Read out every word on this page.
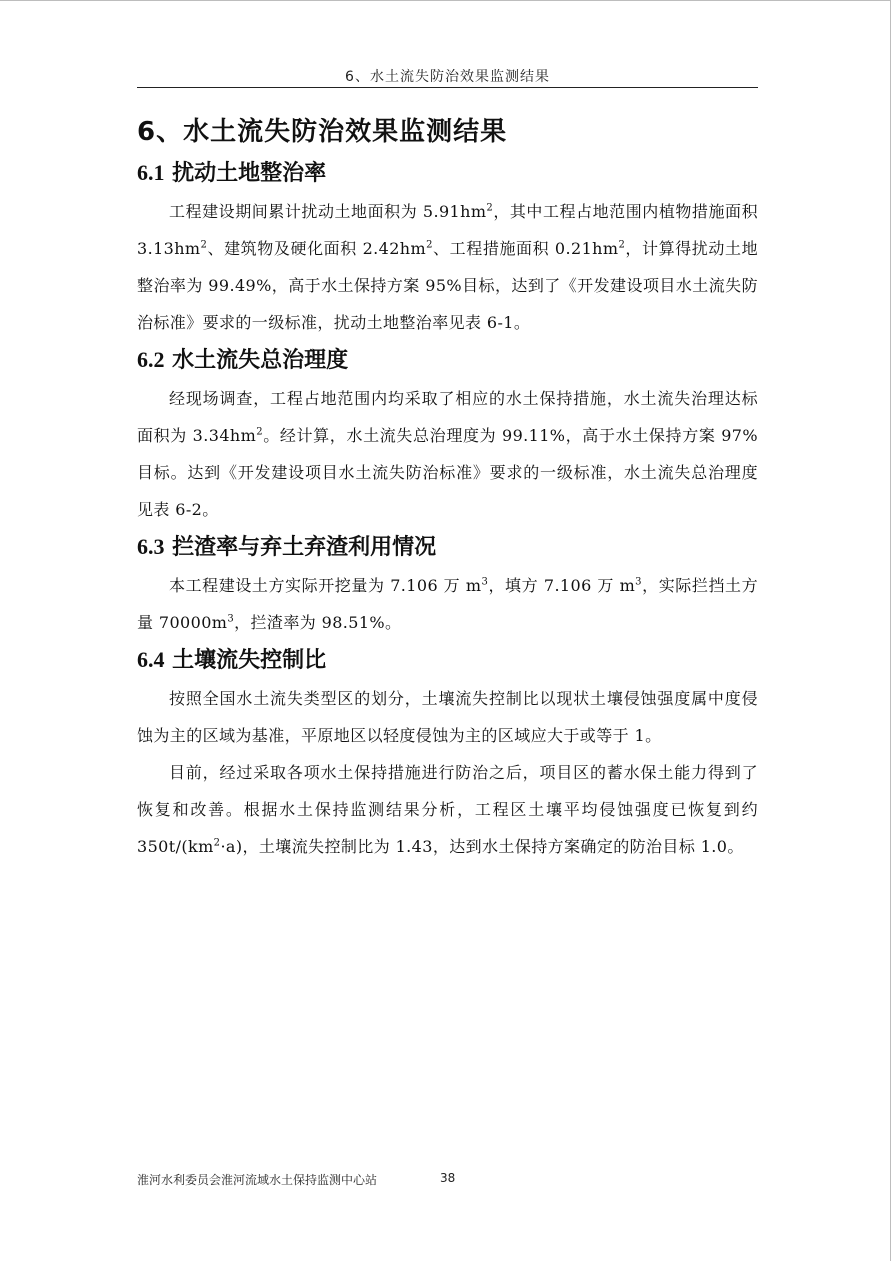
6、水土流失防治效果监测结果
6、水土流失防治效果监测结果
6.1 扰动土地整治率

工程建设期间累计扰动土地面积为 $5.91hm^2$，其中工程占地范围内植物措施面积 $3.13hm^2$、建筑物及硬化面积 $2.42hm^2$、工程措施面积 $0.21hm^2$，计算得扰动土地整治率为 99.49%，高于水土保持方案 95%目标，达到了《开发建设项目水土流失防治标准》要求的一级标准，扰动土地整治率见表 6-1。

6.2 水土流失总治理度

经现场调查，工程占地范围内均采取了相应的水土保持措施，水土流失治理达标面积为 $3.34hm^2$。经计算，水土流失总治理度为 99.11%，高于水土保持方案 97%目标。达到《开发建设项目水土流失防治标准》要求的一级标准，水土流失总治理度见表 6-2。

6.3 拦渣率与弃土弃渣利用情况

本工程建设土方实际开挖量为 7.106 万 $m^3$，填方 7.106 万 $m^3$，实际拦挡土方量 $70000m^3$，拦渣率为 98.51%。

6.4 土壤流失控制比

按照全国水土流失类型区的划分，土壤流失控制比以现状土壤侵蚀强度属中度侵蚀为主的区域为基准，平原地区以轻度侵蚀为主的区域应大于或等于 1。

目前，经过采取各项水土保持措施进行防治之后，项目区的蓄水保土能力得到了恢复和改善。根据水土保持监测结果分析，工程区土壤平均侵蚀强度已恢复到约 $350t/(km^2\cdot a)$，土壤流失控制比为 1.43，达到水土保持方案确定的防治目标 1.0。

淮河水利委员会淮河流域水土保持监测中心站	38
